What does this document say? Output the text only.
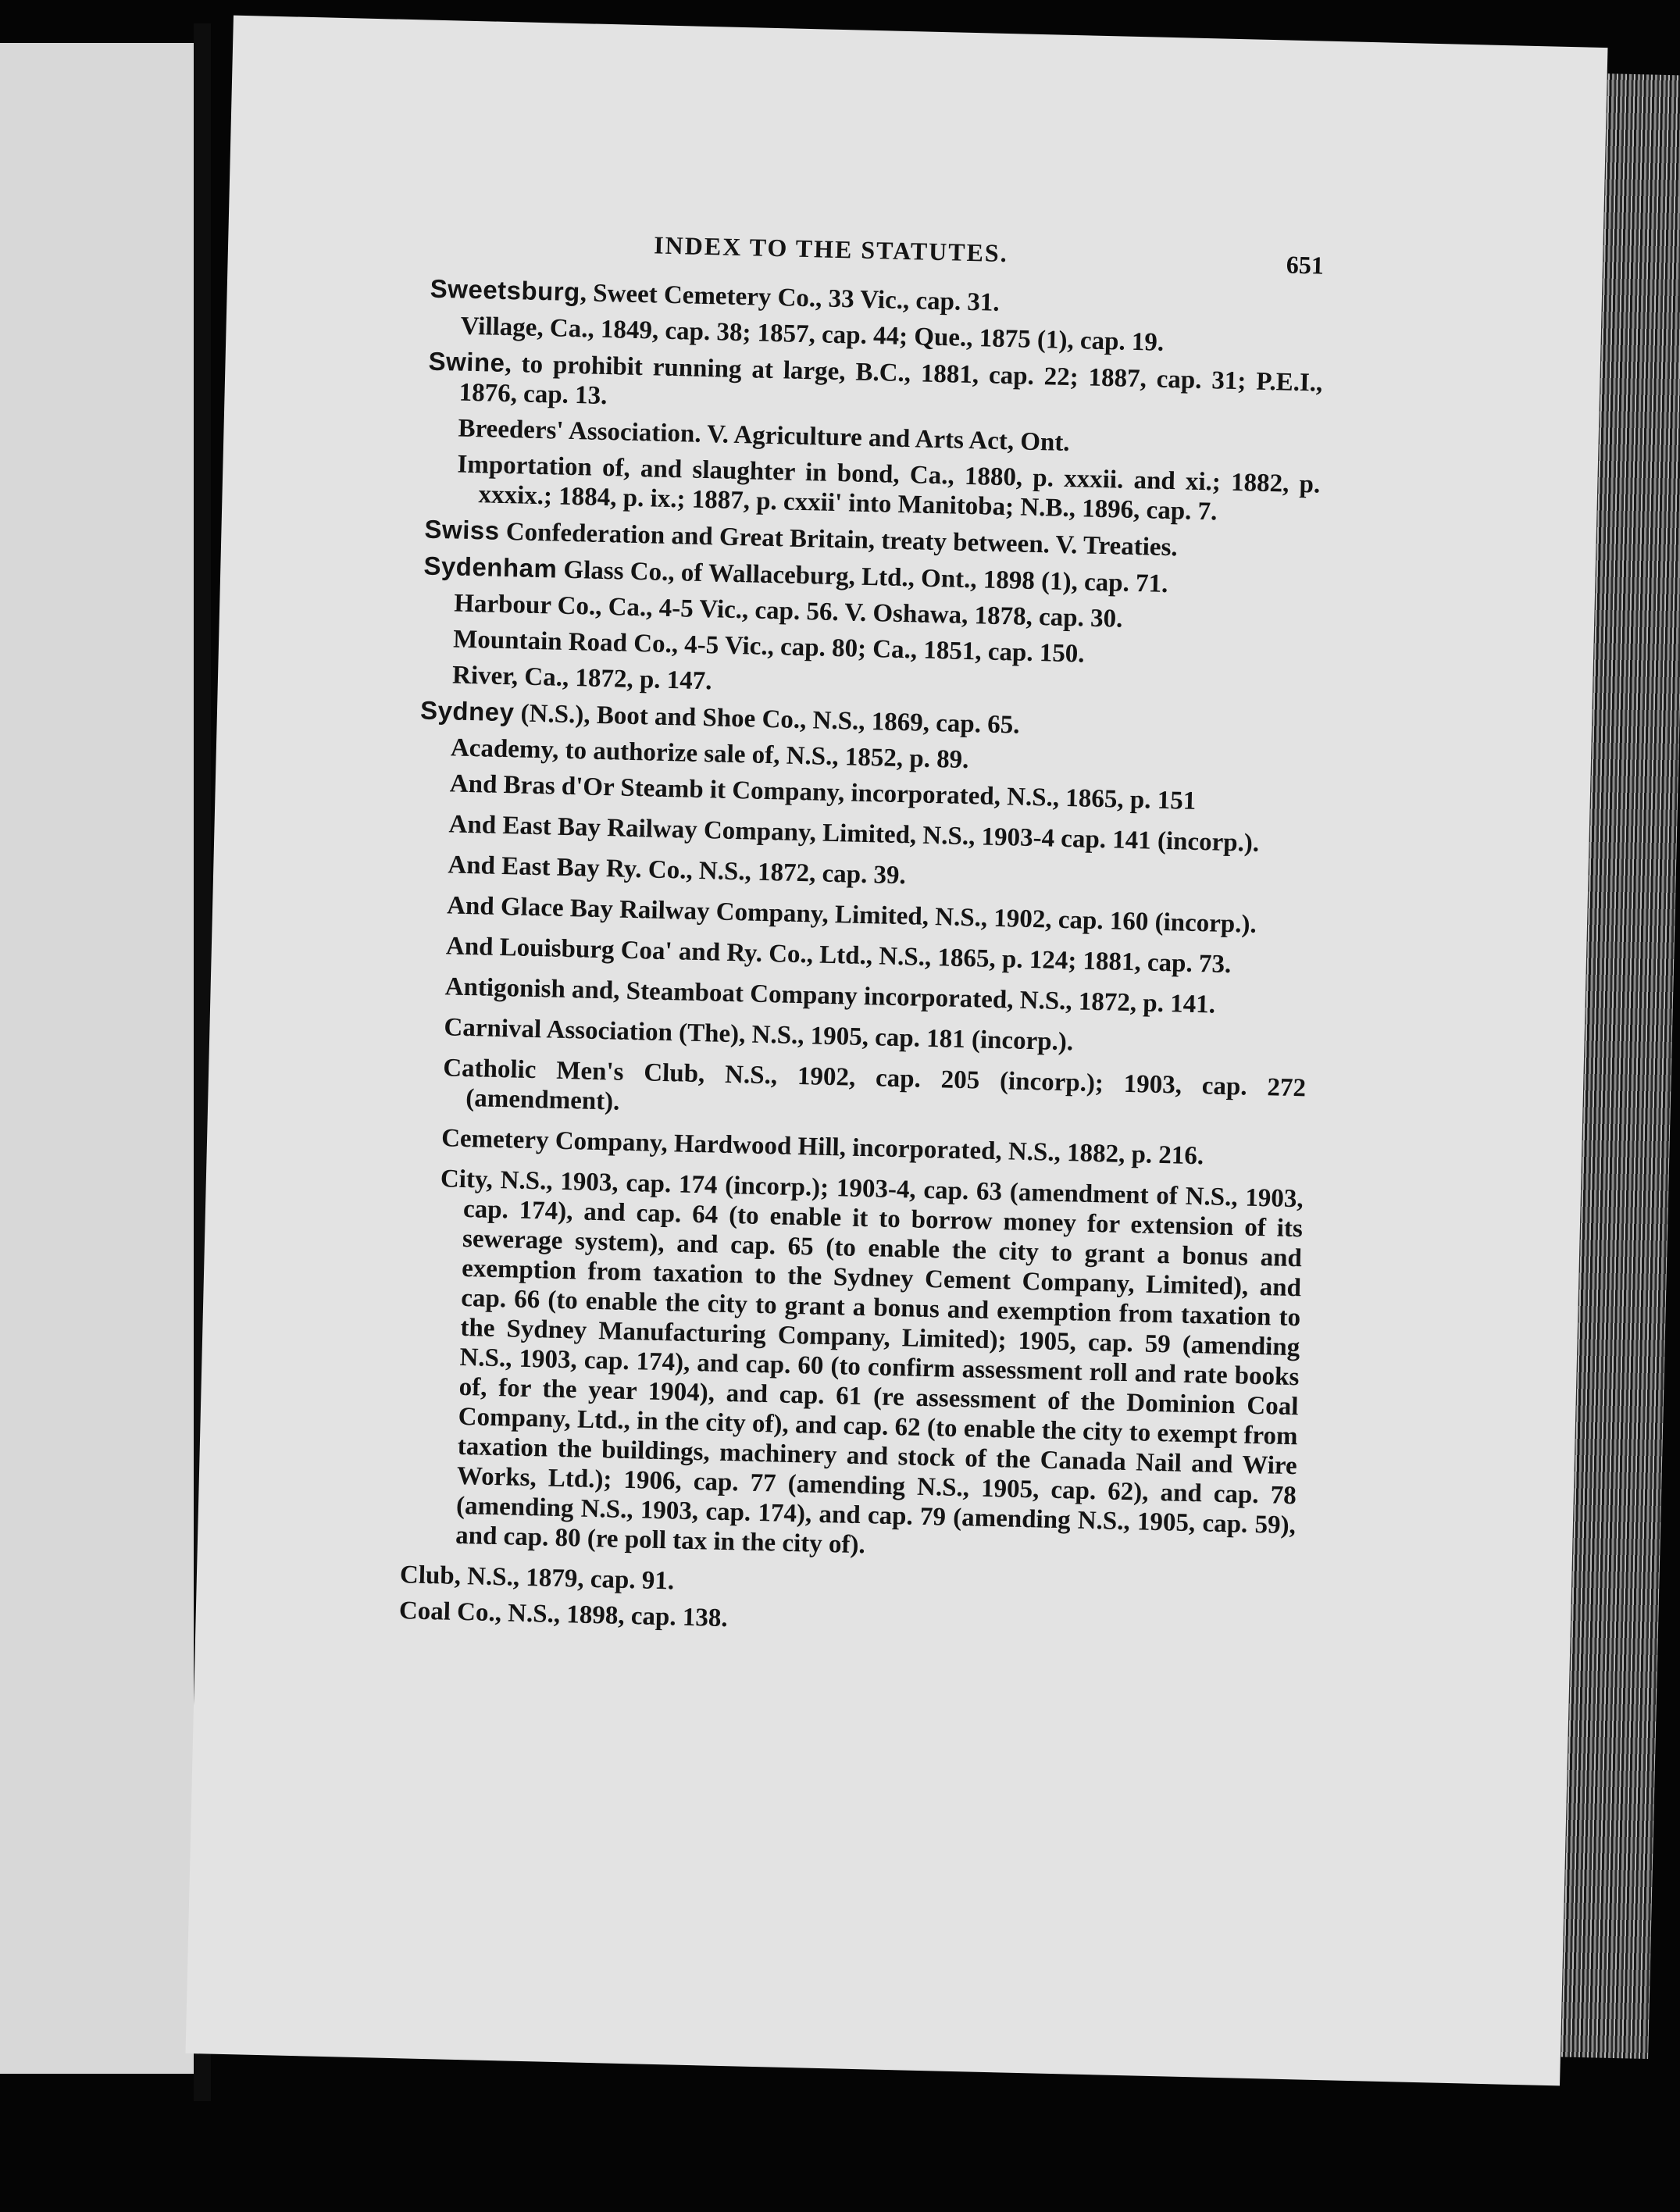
INDEX TO THE STATUTES.	651
Sweetsburg, Sweet Cemetery Co., 33 Vic., cap. 31.
Village, Ca., 1849, cap. 38; 1857, cap. 44; Que., 1875 (1), cap. 19.
Swine, to prohibit running at large, B.C., 1881, cap. 22; 1887, cap. 31; P.E.I., 1876, cap. 13.
Breeders' Association. V. Agriculture and Arts Act, Ont.
Importation of, and slaughter in bond, Ca., 1880, p. xxxii. and xi.; 1882, p. xxxix.; 1884, p. ix.; 1887, p. cxxii' into Manitoba; N.B., 1896, cap. 7.
Swiss Confederation and Great Britain, treaty between. V. Treaties.
Sydenham Glass Co., of Wallaceburg, Ltd., Ont., 1898 (1), cap. 71.
Harbour Co., Ca., 4-5 Vic., cap. 56. V. Oshawa, 1878, cap. 30.
Mountain Road Co., 4-5 Vic., cap. 80; Ca., 1851, cap. 150.
River, Ca., 1872, p. 147.
Sydney (N.S.), Boot and Shoe Co., N.S., 1869, cap. 65.
Academy, to authorize sale of, N.S., 1852, p. 89.
And Bras d'Or Steamb it Company, incorporated, N.S., 1865, p. 151
And East Bay Railway Company, Limited, N.S., 1903-4 cap. 141 (incorp.).
And East Bay Ry. Co., N.S., 1872, cap. 39.
And Glace Bay Railway Company, Limited, N.S., 1902, cap. 160 (incorp.).
And Louisburg Coa' and Ry. Co., Ltd., N.S., 1865, p. 124; 1881, cap. 73.
Antigonish and, Steamboat Company incorporated, N.S., 1872, p. 141.
Carnival Association (The), N.S., 1905, cap. 181 (incorp.).
Catholic Men's Club, N.S., 1902, cap. 205 (incorp.); 1903, cap. 272 (amendment).
Cemetery Company, Hardwood Hill, incorporated, N.S., 1882, p. 216.
City, N.S., 1903, cap. 174 (incorp.); 1903-4, cap. 63 (amendment of N.S., 1903, cap. 174), and cap. 64 (to enable it to borrow money for extension of its sewerage system), and cap. 65 (to enable the city to grant a bonus and exemption from taxation to the Sydney Cement Company, Limited), and cap. 66 (to enable the city to grant a bonus and exemption from taxation to the Sydney Manufacturing Company, Limited); 1905, cap. 59 (amending N.S., 1903, cap. 174), and cap. 60 (to confirm assessment roll and rate books of, for the year 1904), and cap. 61 (re assessment of the Dominion Coal Company, Ltd., in the city of), and cap. 62 (to enable the city to exempt from taxation the buildings, machinery and stock of the Canada Nail and Wire Works, Ltd.); 1906, cap. 77 (amending N.S., 1905, cap. 62), and cap. 78 (amending N.S., 1903, cap. 174), and cap. 79 (amending N.S., 1905, cap. 59), and cap. 80 (re poll tax in the city of).
Club, N.S., 1879, cap. 91.
Coal Co., N.S., 1898, cap. 138.
